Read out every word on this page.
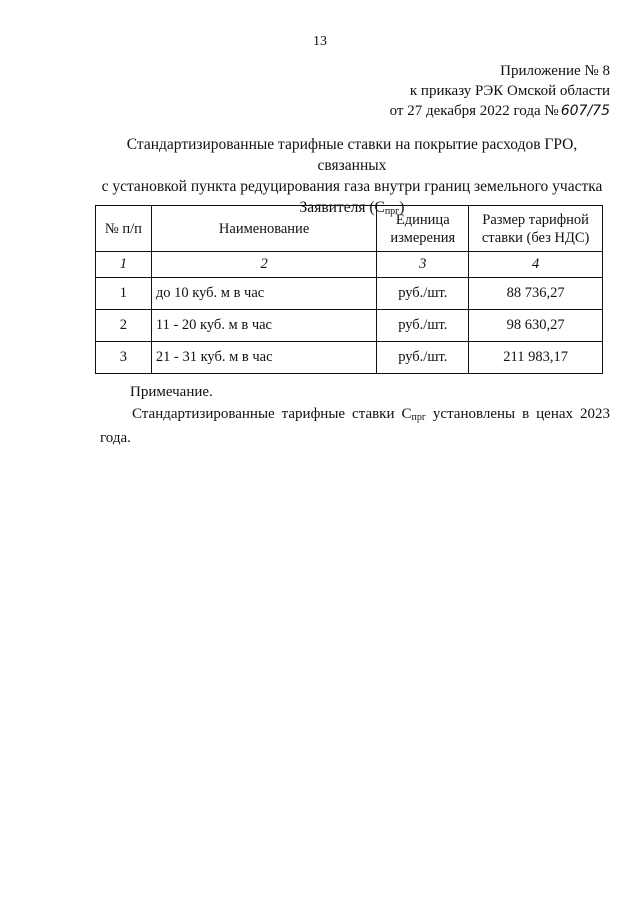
13
Приложение № 8
к приказу РЭК Омской области
от 27 декабря 2022 года № 607/75
Стандартизированные тарифные ставки на покрытие расходов ГРО, связанных
с установкой пункта редуцирования газа внутри границ земельного участка
Заявителя $(С_{прг})$
№ п/п	Наименование	Единица измерения	Размер тарифной ставки (без НДС)
1	2	3	4
1	до 10 куб. м в час	руб./шт.	88 736,27
2	11 - 20 куб. м в час	руб./шт.	98 630,27
3	21 - 31 куб. м в час	руб./шт.	211 983,17
Примечание.
Стандартизированные тарифные ставки $С_{прг}$ установлены в ценах 2023 года.
